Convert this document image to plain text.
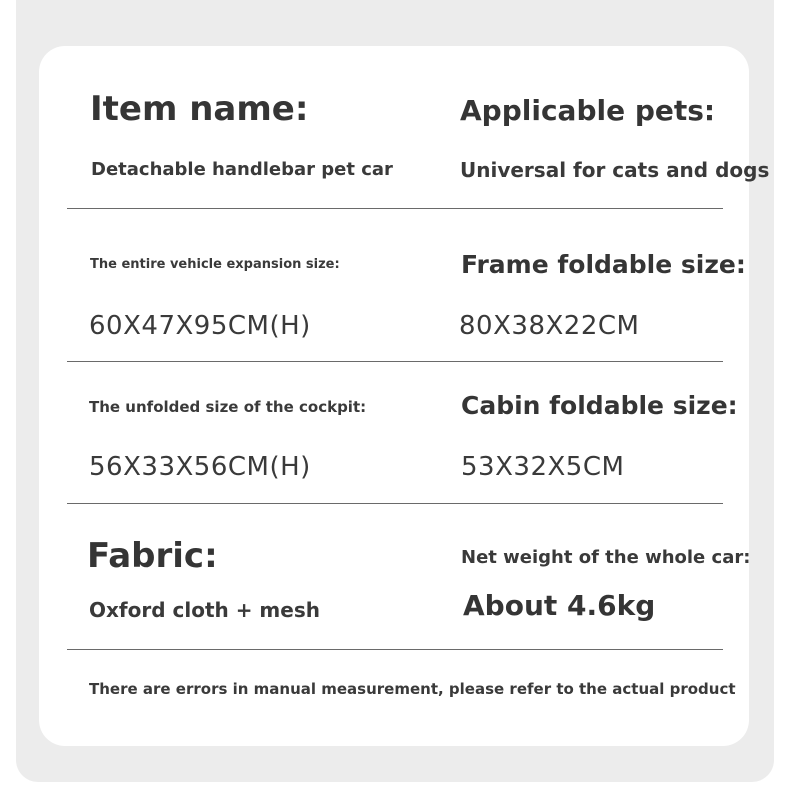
Item name:
Detachable handlebar pet car
Applicable pets:
Universal for cats and dogs
The entire vehicle expansion size:
60X47X95CM(H)
Frame foldable size:
80X38X22CM
The unfolded size of the cockpit:
56X33X56CM(H)
Cabin foldable size:
53X32X5CM
Fabric:
Oxford cloth + mesh
Net weight of the whole car:
About 4.6kg
There are errors in manual measurement, please refer to the actual product
